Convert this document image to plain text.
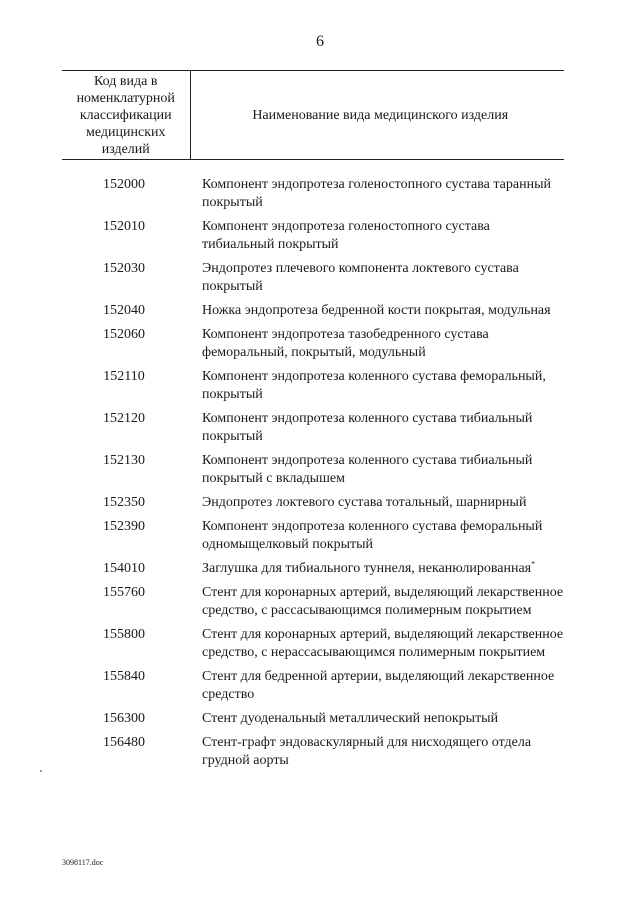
6
Код вида в номенклатурной классификации медицинских изделий	Наименование вида медицинского изделия
152000	Компонент эндопротеза голеностопного сустава таранный покрытый
152010	Компонент эндопротеза голеностопного сустава тибиальный покрытый
152030	Эндопротез плечевого компонента локтевого сустава покрытый
152040	Ножка эндопротеза бедренной кости покрытая, модульная
152060	Компонент эндопротеза тазобедренного сустава феморальный, покрытый, модульный
152110	Компонент эндопротеза коленного сустава феморальный, покрытый
152120	Компонент эндопротеза коленного сустава тибиальный покрытый
152130	Компонент эндопротеза коленного сустава тибиальный покрытый с вкладышем
152350	Эндопротез локтевого сустава тотальный, шарнирный
152390	Компонент эндопротеза коленного сустава феморальный одномыщелковый покрытый
154010	Заглушка для тибиального туннеля, неканюлированная*
155760	Стент для коронарных артерий, выделяющий лекарственное средство, с рассасывающимся полимерным покрытием
155800	Стент для коронарных артерий, выделяющий лекарственное средство, с нерассасывающимся полимерным покрытием
155840	Стент для бедренной артерии, выделяющий лекарственное средство
156300	Стент дуоденальный металлический непокрытый
156480	Стент-графт эндоваскулярный для нисходящего отдела грудной аорты
3098117.doc
